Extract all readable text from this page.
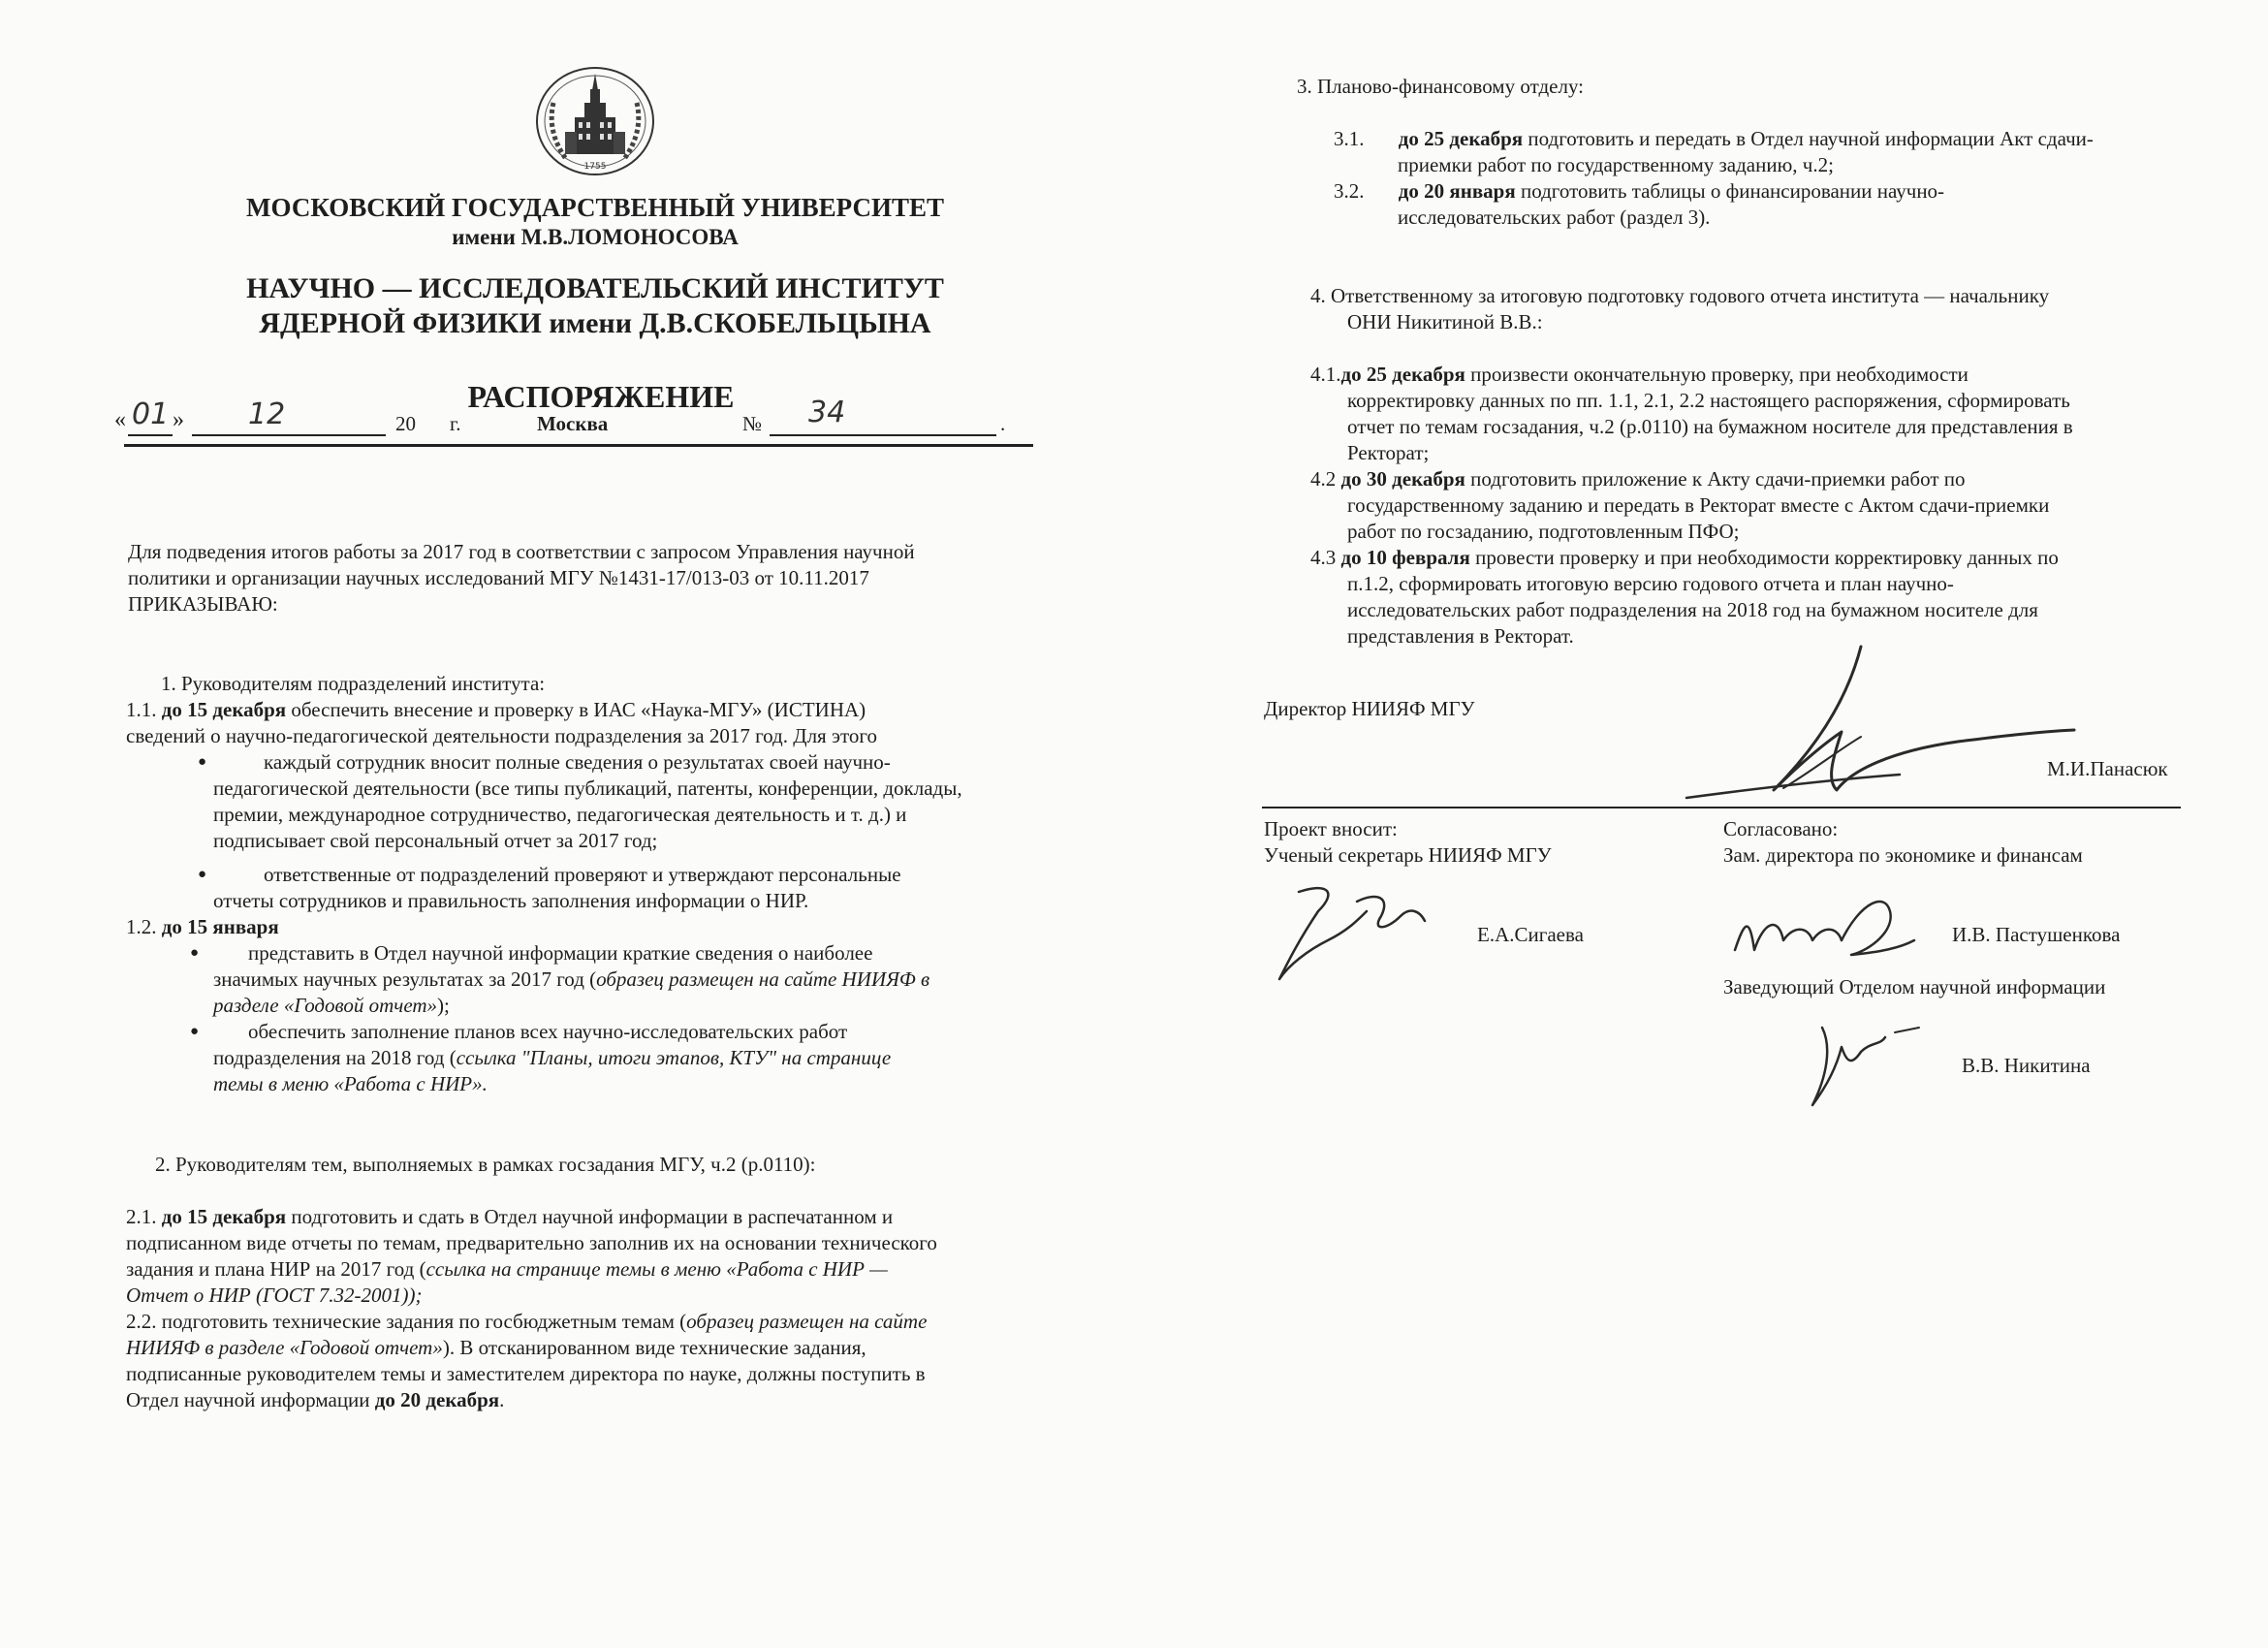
1755
МОСКОВСКИЙ ГОСУДАРСТВЕННЫЙ УНИВЕРСИТЕТ
имени М.В.ЛОМОНОСОВА
НАУЧНО — ИССЛЕДОВАТЕЛЬСКИЙ ИНСТИТУТ
ЯДЕРНОЙ ФИЗИКИ имени Д.В.СКОБЕЛЬЦЫНА
РАСПОРЯЖЕНИЕ
« 01 » 12	20 г.	Москва	№ 34	.
Для подведения итогов работы за 2017 год в соответствии с запросом Управления научной
политики и организации научных исследований МГУ №1431-17/013-03 от 10.11.2017
ПРИКАЗЫВАЮ:
1. Руководителям подразделений института:
1.1. до 15 декабря обеспечить внесение и проверку в ИАС «Наука-МГУ» (ИСТИНА)
сведений о научно-педагогической деятельности подразделения за 2017 год. Для этого
●	каждый сотрудник вносит полные сведения о результатах своей научно-
педагогической деятельности (все типы публикаций, патенты, конференции, доклады,
премии, международное сотрудничество, педагогическая деятельность и т. д.) и
подписывает свой персональный отчет за 2017 год;
●	ответственные от подразделений проверяют и утверждают персональные
отчеты сотрудников и правильность заполнения информации о НИР.
1.2. до 15 января
● представить в Отдел научной информации краткие сведения о наиболее
значимых научных результатах за 2017 год (образец размещен на сайте НИИЯФ в
разделе «Годовой отчет»);
● обеспечить заполнение планов всех научно-исследовательских работ
подразделения на 2018 год (ссылка "Планы, итоги этапов, КТУ" на странице
темы в меню «Работа с НИР».
2. Руководителям тем, выполняемых в рамках госзадания МГУ, ч.2 (р.0110):
2.1. до 15 декабря подготовить и сдать в Отдел научной информации в распечатанном и
подписанном виде отчеты по темам, предварительно заполнив их на основании технического
задания и плана НИР на 2017 год (ссылка на странице темы в меню «Работа с НИР —
Отчет о НИР (ГОСТ 7.32-2001));
2.2. подготовить технические задания по госбюджетным темам (образец размещен на сайте
НИИЯФ в разделе «Годовой отчет»). В отсканированном виде технические задания,
подписанные руководителем темы и заместителем директора по науке, должны поступить в
Отдел научной информации до 20 декабря.
3. Планово-финансовому отделу:
3.1. до 25 декабря подготовить и передать в Отдел научной информации Акт сдачи-
приемки работ по государственному заданию, ч.2;
3.2. до 20 января подготовить таблицы о финансировании научно-
исследовательских работ (раздел 3).
4. Ответственному за итоговую подготовку годового отчета института — начальнику
ОНИ Никитиной В.В.:
4.1.до 25 декабря произвести окончательную проверку, при необходимости
корректировку данных по пп. 1.1, 2.1, 2.2 настоящего распоряжения, сформировать
отчет по темам госзадания, ч.2 (р.0110) на бумажном носителе для представления в
Ректорат;
4.2 до 30 декабря подготовить приложение к Акту сдачи-приемки работ по
государственному заданию и передать в Ректорат вместе с Актом сдачи-приемки
работ по госзаданию, подготовленным ПФО;
4.3 до 10 февраля провести проверку и при необходимости корректировку данных по
п.1.2, сформировать итоговую версию годового отчета и план научно-
исследовательских работ подразделения на 2018 год на бумажном носителе для
представления в Ректорат.
Директор НИИЯФ МГУ
М.И.Панасюк
Проект вносит:
Ученый секретарь НИИЯФ МГУ
Е.А.Сигаева
Согласовано:
Зам. директора по экономике и финансам
И.В. Пастушенкова
Заведующий Отделом научной информации
В.В. Никитина
